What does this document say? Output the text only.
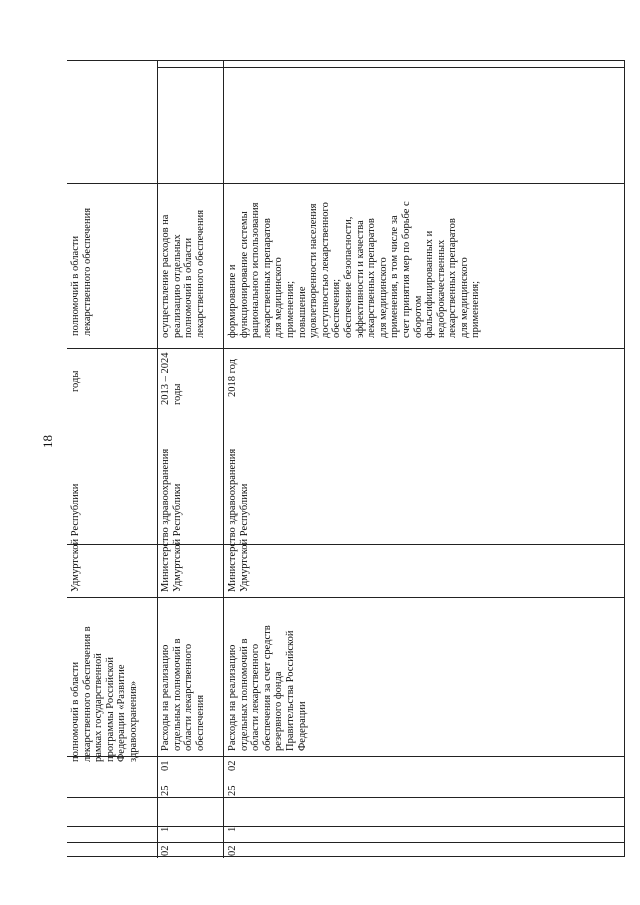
18
полномочий в области лекарственного обеспечения в рамках государственной программы Российской Федерации «Развитие здравоохранения»
Удмуртской Республики
годы
полномочий в области лекарственного обеспечения
02
1
25
01
Расходы на реализацию отдельных полномочий в области лекарственного обеспечения
Министерство здравоохранения Удмуртской Республики
2013 – 2024 годы
осуществление расходов на реализацию отдельных полномочий в области лекарственного обеспечения
02
1
25
02
Расходы на реализацию отдельных полномочий в области лекарственного обеспечения за счет средств резервного фонда Правительства Российской Федерации
Министерство здравоохранения Удмуртской Республики
2018 год
формирование и функционирование системы рационального использования лекарственных препаратов для медицинского применения; повышение удовлетворенности населения доступностью лекарственного обеспечения; обеспечение безопасности, эффективности и качества лекарственных препаратов для медицинского применения, в том числе за счет принятия мер по борьбе с оборотом фальсифицированных и недоброкачественных лекарственных препаратов для медицинского применения;
